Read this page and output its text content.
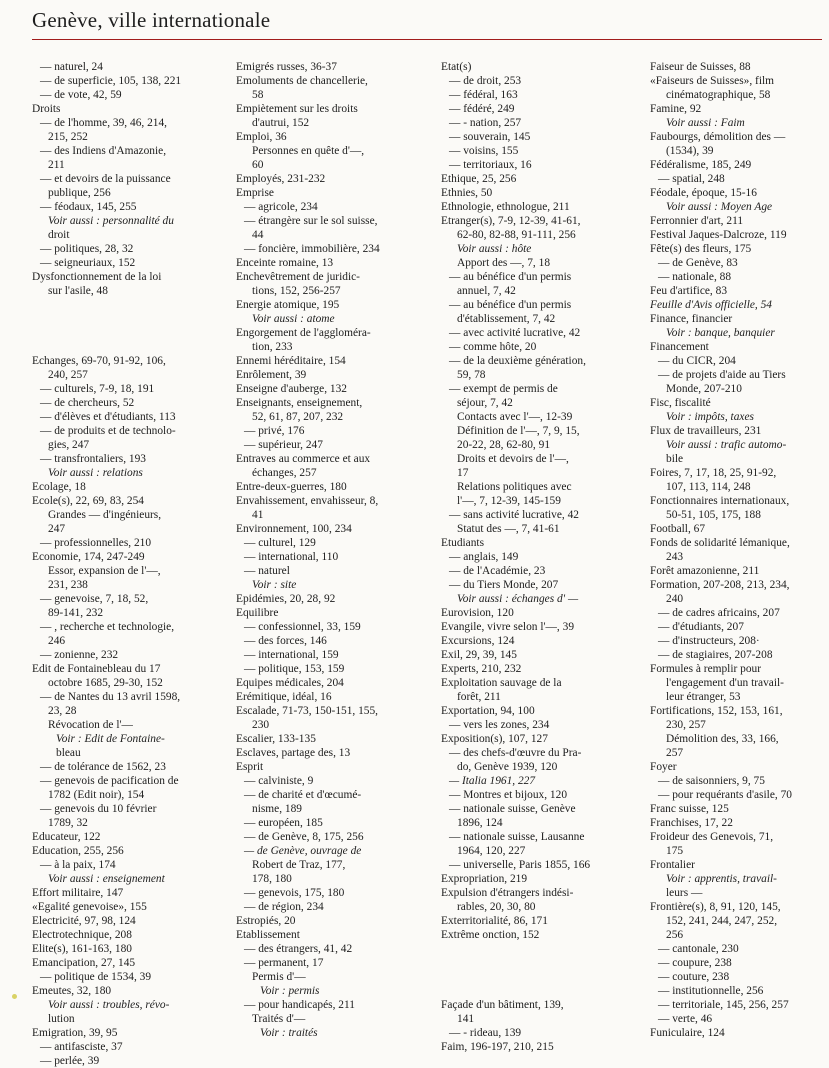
Genève, ville internationale
— naturel, 24
— de superficie, 105, 138, 221
— de vote, 42, 59
Droits
— de l'homme, 39, 46, 214,
215, 252
— des Indiens d'Amazonie,
211
— et devoirs de la puissance
publique, 256
— féodaux, 145, 255
Voir aussi : personnalité du
droit
— politiques, 28, 32
— seigneuriaux, 152
Dysfonctionnement de la loi
sur l'asile, 48
Echanges, 69-70, 91-92, 106,
240, 257
— culturels, 7-9, 18, 191
— de chercheurs, 52
— d'élèves et d'étudiants, 113
— de produits et de technolo-
gies, 247
— transfrontaliers, 193
Voir aussi : relations
Ecolage, 18
Ecole(s), 22, 69, 83, 254
Grandes — d'ingénieurs,
247
— professionnelles, 210
Economie, 174, 247-249
Essor, expansion de l'—,
231, 238
— genevoise, 7, 18, 52,
89-141, 232
— , recherche et technologie,
246
— zonienne, 232
Edit de Fontainebleau du 17
octobre 1685, 29-30, 152
— de Nantes du 13 avril 1598,
23, 28
Révocation de l'—
Voir : Edit de Fontaine-
bleau
— de tolérance de 1562, 23
— genevois de pacification de
1782 (Edit noir), 154
— genevois du 10 février
1789, 32
Educateur, 122
Education, 255, 256
— à la paix, 174
Voir aussi : enseignement
Effort militaire, 147
«Egalité genevoise», 155
Electricité, 97, 98, 124
Electrotechnique, 208
Elite(s), 161-163, 180
Emancipation, 27, 145
— politique de 1534, 39
Emeutes, 32, 180
Voir aussi : troubles, révo-
lution
Emigration, 39, 95
— antifasciste, 37
— perlée, 39
Emigrés russes, 36-37
Emoluments de chancellerie,
58
Empiètement sur les droits
d'autrui, 152
Emploi, 36
Personnes en quête d'—,
60
Employés, 231-232
Emprise
— agricole, 234
— étrangère sur le sol suisse,
44
— foncière, immobilière, 234
Enceinte romaine, 13
Enchevêtrement de juridic-
tions, 152, 256-257
Energie atomique, 195
Voir aussi : atome
Engorgement de l'aggloméra-
tion, 233
Ennemi héréditaire, 154
Enrôlement, 39
Enseigne d'auberge, 132
Enseignants, enseignement,
52, 61, 87, 207, 232
— privé, 176
— supérieur, 247
Entraves au commerce et aux
échanges, 257
Entre-deux-guerres, 180
Envahissement, envahisseur, 8,
41
Environnement, 100, 234
— culturel, 129
— international, 110
— naturel
Voir : site
Epidémies, 20, 28, 92
Equilibre
— confessionnel, 33, 159
— des forces, 146
— international, 159
— politique, 153, 159
Equipes médicales, 204
Erémitique, idéal, 16
Escalade, 71-73, 150-151, 155,
230
Escalier, 133-135
Esclaves, partage des, 13
Esprit
— calviniste, 9
— de charité et d'œcumé-
nisme, 189
— européen, 185
— de Genève, 8, 175, 256
— de Genève, ouvrage de
Robert de Traz, 177,
178, 180
— genevois, 175, 180
— de région, 234
Estropiés, 20
Etablissement
— des étrangers, 41, 42
— permanent, 17
Permis d'—
Voir : permis
— pour handicapés, 211
Traités d'—
Voir : traités
Etat(s)
— de droit, 253
— fédéral, 163
— fédéré, 249
— - nation, 257
— souverain, 145
— voisins, 155
— territoriaux, 16
Ethique, 25, 256
Ethnies, 50
Ethnologie, ethnologue, 211
Etranger(s), 7-9, 12-39, 41-61,
62-80, 82-88, 91-111, 256
Voir aussi : hôte
Apport des —, 7, 18
— au bénéfice d'un permis
annuel, 7, 42
— au bénéfice d'un permis
d'établissement, 7, 42
— avec activité lucrative, 42
— comme hôte, 20
— de la deuxième génération,
59, 78
— exempt de permis de
séjour, 7, 42
Contacts avec l'—, 12-39
Définition de l'—, 7, 9, 15,
20-22, 28, 62-80, 91
Droits et devoirs de l'—,
17
Relations politiques avec
l'—, 7, 12-39, 145-159
— sans activité lucrative, 42
Statut des —, 7, 41-61
Etudiants
— anglais, 149
— de l'Académie, 23
— du Tiers Monde, 207
Voir aussi : échanges d' —
Eurovision, 120
Evangile, vivre selon l'—, 39
Excursions, 124
Exil, 29, 39, 145
Experts, 210, 232
Exploitation sauvage de la
forêt, 211
Exportation, 94, 100
— vers les zones, 234
Exposition(s), 107, 127
— des chefs-d'œuvre du Pra-
do, Genève 1939, 120
— Italia 1961, 227
— Montres et bijoux, 120
— nationale suisse, Genève
1896, 124
— nationale suisse, Lausanne
1964, 120, 227
— universelle, Paris 1855, 166
Expropriation, 219
Expulsion d'étrangers indési-
rables, 20, 30, 80
Exterritorialité, 86, 171
Extrême onction, 152
Façade d'un bâtiment, 139,
141
— - rideau, 139
Faim, 196-197, 210, 215
Faiseur de Suisses, 88
«Faiseurs de Suisses», film
cinématographique, 58
Famine, 92
Voir aussi : Faim
Faubourgs, démolition des —
(1534), 39
Fédéralisme, 185, 249
— spatial, 248
Féodale, époque, 15-16
Voir aussi : Moyen Age
Ferronnier d'art, 211
Festival Jaques-Dalcroze, 119
Fête(s) des fleurs, 175
— de Genève, 83
— nationale, 88
Feu d'artifice, 83
Feuille d'Avis officielle, 54
Finance, financier
Voir : banque, banquier
Financement
— du CICR, 204
— de projets d'aide au Tiers
Monde, 207-210
Fisc, fiscalité
Voir : impôts, taxes
Flux de travailleurs, 231
Voir aussi : trafic automo-
bile
Foires, 7, 17, 18, 25, 91-92,
107, 113, 114, 248
Fonctionnaires internationaux,
50-51, 105, 175, 188
Football, 67
Fonds de solidarité lémanique,
243
Forêt amazonienne, 211
Formation, 207-208, 213, 234,
240
— de cadres africains, 207
— d'étudiants, 207
— d'instructeurs, 208·
— de stagiaires, 207-208
Formules à remplir pour
l'engagement d'un travail-
leur étranger, 53
Fortifications, 152, 153, 161,
230, 257
Démolition des, 33, 166,
257
Foyer
— de saisonniers, 9, 75
— pour requérants d'asile, 70
Franc suisse, 125
Franchises, 17, 22
Froideur des Genevois, 71,
175
Frontalier
Voir : apprentis, travail-
leurs —
Frontière(s), 8, 91, 120, 145,
152, 241, 244, 247, 252,
256
— cantonale, 230
— coupure, 238
— couture, 238
— institutionnelle, 256
— territoriale, 145, 256, 257
— verte, 46
Funiculaire, 124
